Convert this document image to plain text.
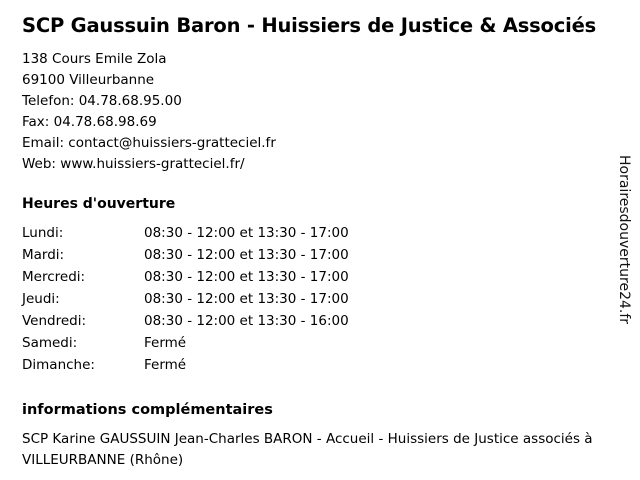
SCP Gaussuin Baron - Huissiers de Justice & Associés
138 Cours Emile Zola
69100 Villeurbanne
Telefon: 04.78.68.95.00
Fax: 04.78.68.98.69
Email: contact@huissiers-gratteciel.fr
Web: www.huissiers-gratteciel.fr/
Heures d'ouverture
Lundi:	08:30 - 12:00 et 13:30 - 17:00
Mardi:	08:30 - 12:00 et 13:30 - 17:00
Mercredi:	08:30 - 12:00 et 13:30 - 17:00
Jeudi:	08:30 - 12:00 et 13:30 - 17:00
Vendredi:	08:30 - 12:00 et 13:30 - 16:00
Samedi:	Fermé
Dimanche:	Fermé
informations complémentaires
SCP Karine GAUSSUIN Jean-Charles BARON - Accueil - Huissiers de Justice associés à VILLEURBANNE (Rhône)
Horairesdouverture24.fr
